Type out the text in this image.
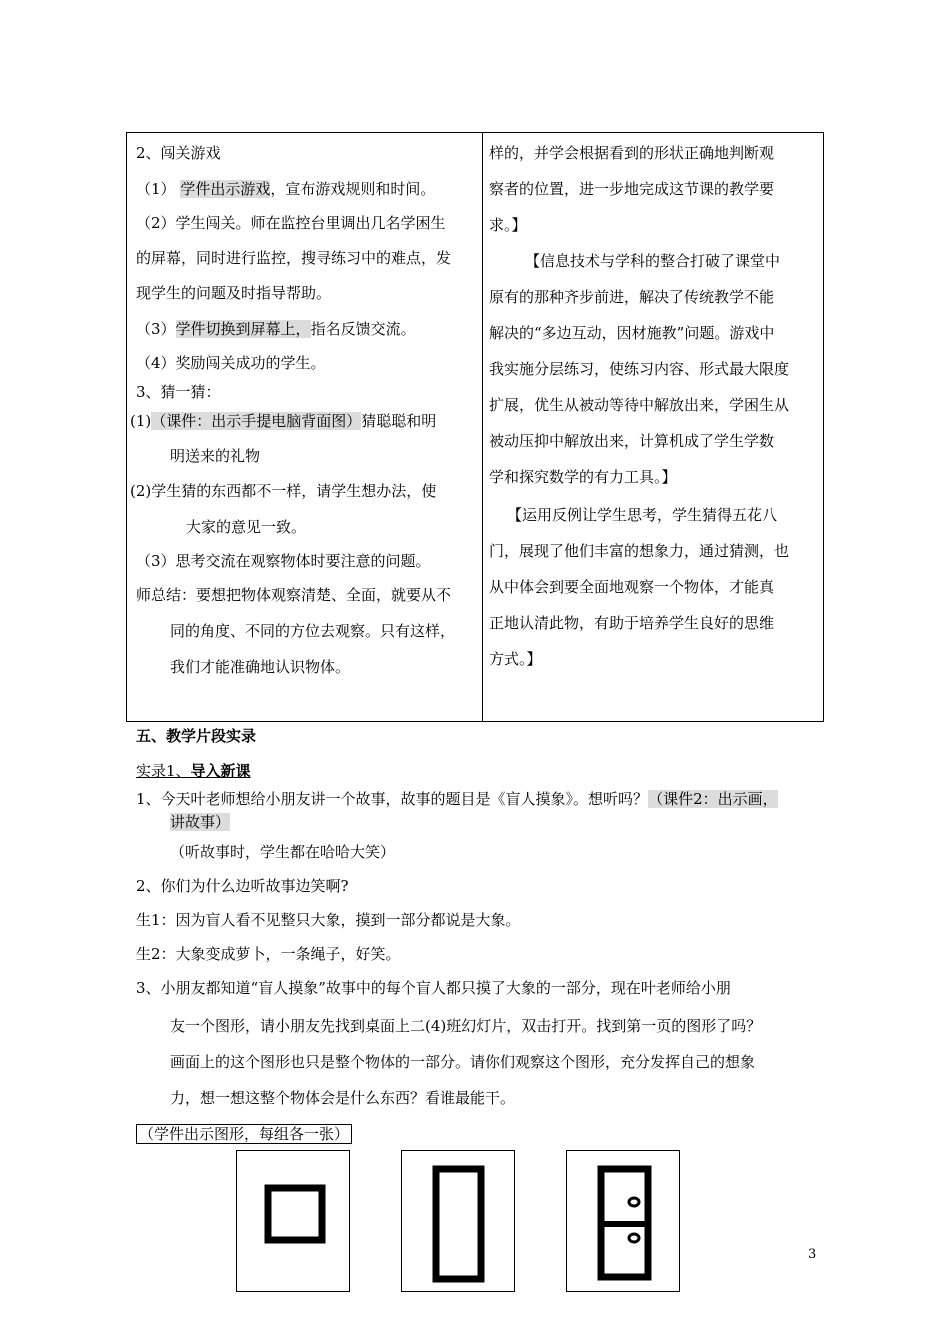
2、闯关游戏
（1） 学件出示游戏，宣布游戏规则和时间。
（2）学生闯关。师在监控台里调出几名学困生
的屏幕，同时进行监控，搜寻练习中的难点，发
现学生的问题及时指导帮助。
（3）学件切换到屏幕上，指名反馈交流。
（4）奖励闯关成功的学生。
3、猜一猜：
(1)（课件：出示手提电脑背面图）猜聪聪和明
明送来的礼物
(2)学生猜的东西都不一样，请学生想办法，使
大家的意见一致。
（3）思考交流在观察物体时要注意的问题。
师总结：要想把物体观察清楚、全面，就要从不
同的角度、不同的方位去观察。只有这样，
我们才能准确地认识物体。
样的，并学会根据看到的形状正确地判断观
察者的位置，进一步地完成这节课的教学要
求。】
【信息技术与学科的整合打破了课堂中
原有的那种齐步前进，解决了传统教学不能
解决的“多边互动，因材施教”问题。游戏中
我实施分层练习，使练习内容、形式最大限度
扩展，优生从被动等待中解放出来，学困生从
被动压抑中解放出来，计算机成了学生学数
学和探究数学的有力工具。】
【运用反例让学生思考，学生猜得五花八
门，展现了他们丰富的想象力，通过猜测，也
从中体会到要全面地观察一个物体，才能真
正地认清此物，有助于培养学生良好的思维
方式。】
五、教学片段实录
实录1、导入新课
1、今天叶老师想给小朋友讲一个故事，故事的题目是《盲人摸象》。想听吗？（课件2：出示画，
讲故事）
（听故事时，学生都在哈哈大笑）
2、你们为什么边听故事边笑啊?
生1：因为盲人看不见整只大象，摸到一部分都说是大象。
生2：大象变成萝卜，一条绳子，好笑。
3、小朋友都知道“盲人摸象”故事中的每个盲人都只摸了大象的一部分，现在叶老师给小朋
友一个图形，请小朋友先找到桌面上二(4)班幻灯片，双击打开。找到第一页的图形了吗？
画面上的这个图形也只是整个物体的一部分。请你们观察这个图形，充分发挥自己的想象
力，想一想这整个物体会是什么东西？看谁最能干。
（学件出示图形，每组各一张）
3
